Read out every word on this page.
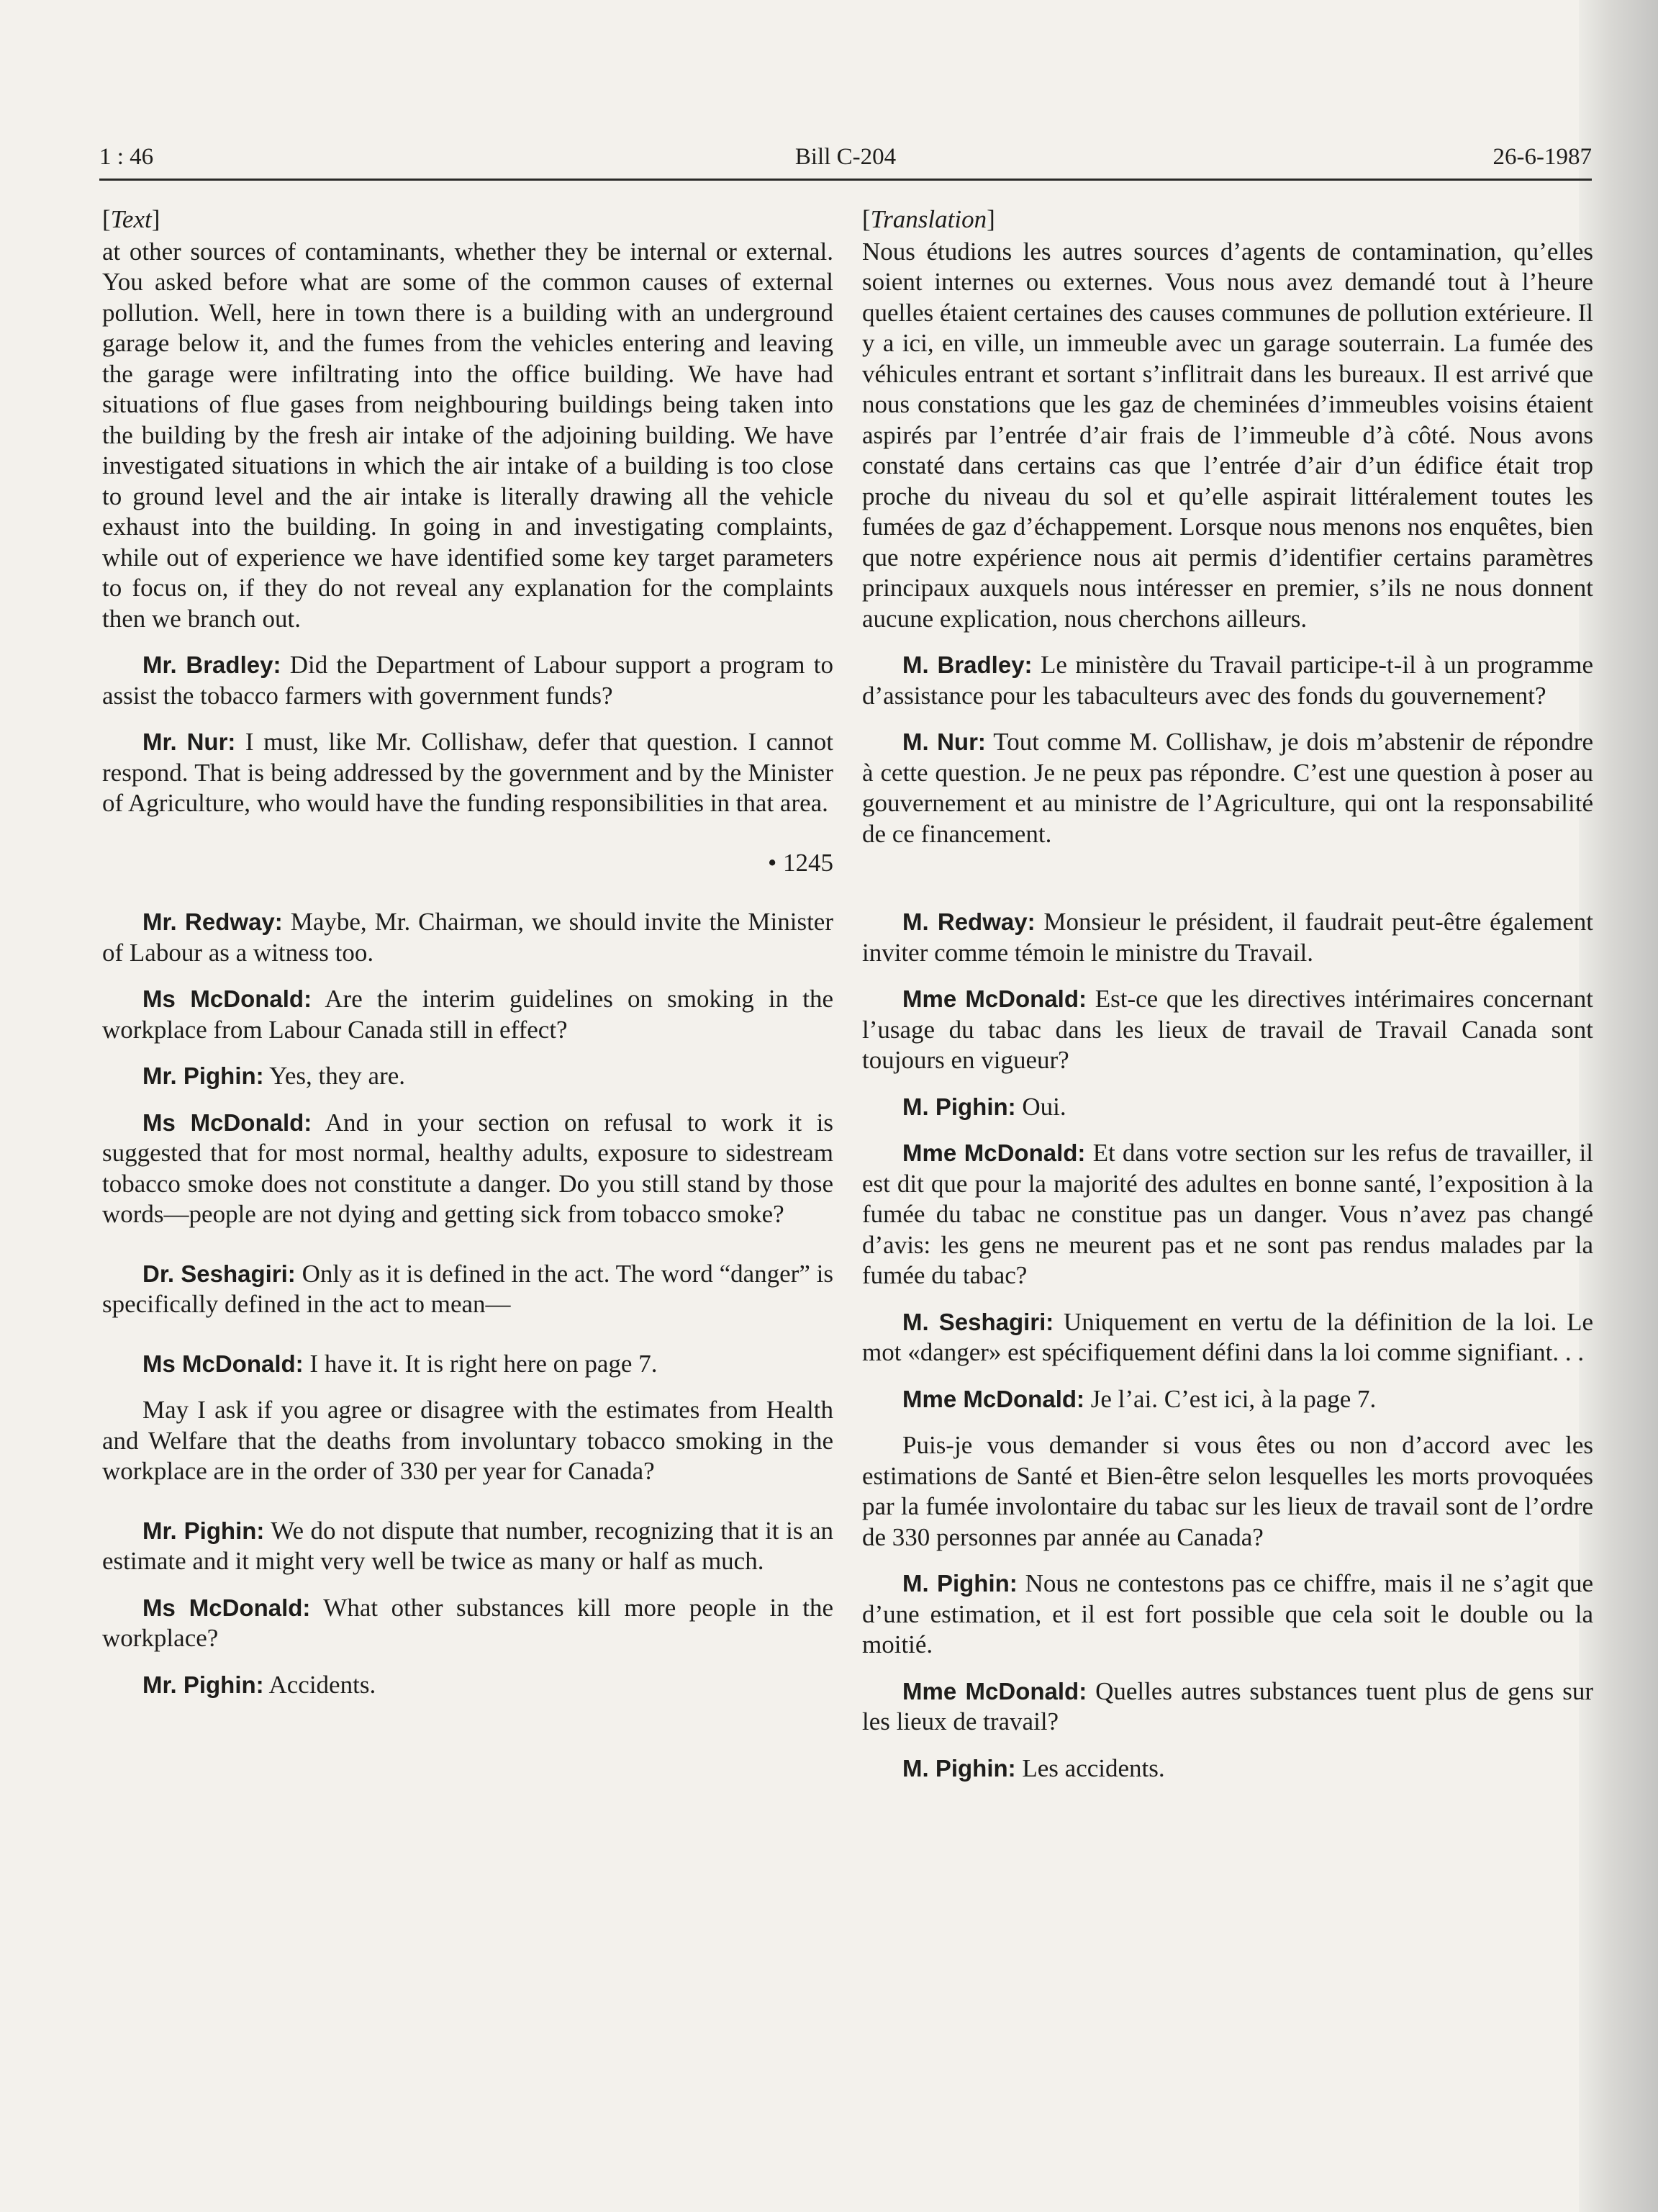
1 : 46	Bill C-204	26-6-1987
[Text]

at other sources of contaminants, whether they be internal or external. You asked before what are some of the common causes of external pollution. Well, here in town there is a building with an underground garage below it, and the fumes from the vehicles entering and leaving the garage were infiltrating into the office building. We have had situations of flue gases from neighbouring buildings being taken into the building by the fresh air intake of the adjoining building. We have investigated situations in which the air intake of a building is too close to ground level and the air intake is literally drawing all the vehicle exhaust into the building. In going in and investigating complaints, while out of experience we have identified some key target parameters to focus on, if they do not reveal any explanation for the complaints then we branch out.

Mr. Bradley: Did the Department of Labour support a program to assist the tobacco farmers with government funds?

Mr. Nur: I must, like Mr. Collishaw, defer that question. I cannot respond. That is being addressed by the government and by the Minister of Agriculture, who would have the funding responsibilities in that area.

• 1245

Mr. Redway: Maybe, Mr. Chairman, we should invite the Minister of Labour as a witness too.

Ms McDonald: Are the interim guidelines on smoking in the workplace from Labour Canada still in effect?

Mr. Pighin: Yes, they are.

Ms McDonald: And in your section on refusal to work it is suggested that for most normal, healthy adults, exposure to sidestream tobacco smoke does not constitute a danger. Do you still stand by those words—people are not dying and getting sick from tobacco smoke?

Dr. Seshagiri: Only as it is defined in the act. The word “danger” is specifically defined in the act to mean—

Ms McDonald: I have it. It is right here on page 7.

May I ask if you agree or disagree with the estimates from Health and Welfare that the deaths from involuntary tobacco smoking in the workplace are in the order of 330 per year for Canada?

Mr. Pighin: We do not dispute that number, recognizing that it is an estimate and it might very well be twice as many or half as much.

Ms McDonald: What other substances kill more people in the workplace?

Mr. Pighin: Accidents.

[Translation]

Nous étudions les autres sources d’agents de contamination, qu’elles soient internes ou externes. Vous nous avez demandé tout à l’heure quelles étaient certaines des causes communes de pollution extérieure. Il y a ici, en ville, un immeuble avec un garage souterrain. La fumée des véhicules entrant et sortant s’inflitrait dans les bureaux. Il est arrivé que nous constations que les gaz de cheminées d’immeubles voisins étaient aspirés par l’entrée d’air frais de l’immeuble d’à côté. Nous avons constaté dans certains cas que l’entrée d’air d’un édifice était trop proche du niveau du sol et qu’elle aspirait littéralement toutes les fumées de gaz d’échappement. Lorsque nous menons nos enquêtes, bien que notre expérience nous ait permis d’identifier certains paramètres principaux auxquels nous intéresser en premier, s’ils ne nous donnent aucune explication, nous cherchons ailleurs.

M. Bradley: Le ministère du Travail participe-t-il à un programme d’assistance pour les tabaculteurs avec des fonds du gouvernement?

M. Nur: Tout comme M. Collishaw, je dois m’abstenir de répondre à cette question. Je ne peux pas répondre. C’est une question à poser au gouvernement et au ministre de l’Agriculture, qui ont la responsabilité de ce financement.

M. Redway: Monsieur le président, il faudrait peut-être également inviter comme témoin le ministre du Travail.

Mme McDonald: Est-ce que les directives intérimaires concernant l’usage du tabac dans les lieux de travail de Travail Canada sont toujours en vigueur?

M. Pighin: Oui.

Mme McDonald: Et dans votre section sur les refus de travailler, il est dit que pour la majorité des adultes en bonne santé, l’exposition à la fumée du tabac ne constitue pas un danger. Vous n’avez pas changé d’avis: les gens ne meurent pas et ne sont pas rendus malades par la fumée du tabac?

M. Seshagiri: Uniquement en vertu de la définition de la loi. Le mot «danger» est spécifiquement défini dans la loi comme signifiant. . .

Mme McDonald: Je l’ai. C’est ici, à la page 7.

Puis-je vous demander si vous êtes ou non d’accord avec les estimations de Santé et Bien-être selon lesquelles les morts provoquées par la fumée involontaire du tabac sur les lieux de travail sont de l’ordre de 330 personnes par année au Canada?

M. Pighin: Nous ne contestons pas ce chiffre, mais il ne s’agit que d’une estimation, et il est fort possible que cela soit le double ou la moitié.

Mme McDonald: Quelles autres substances tuent plus de gens sur les lieux de travail?

M. Pighin: Les accidents.
